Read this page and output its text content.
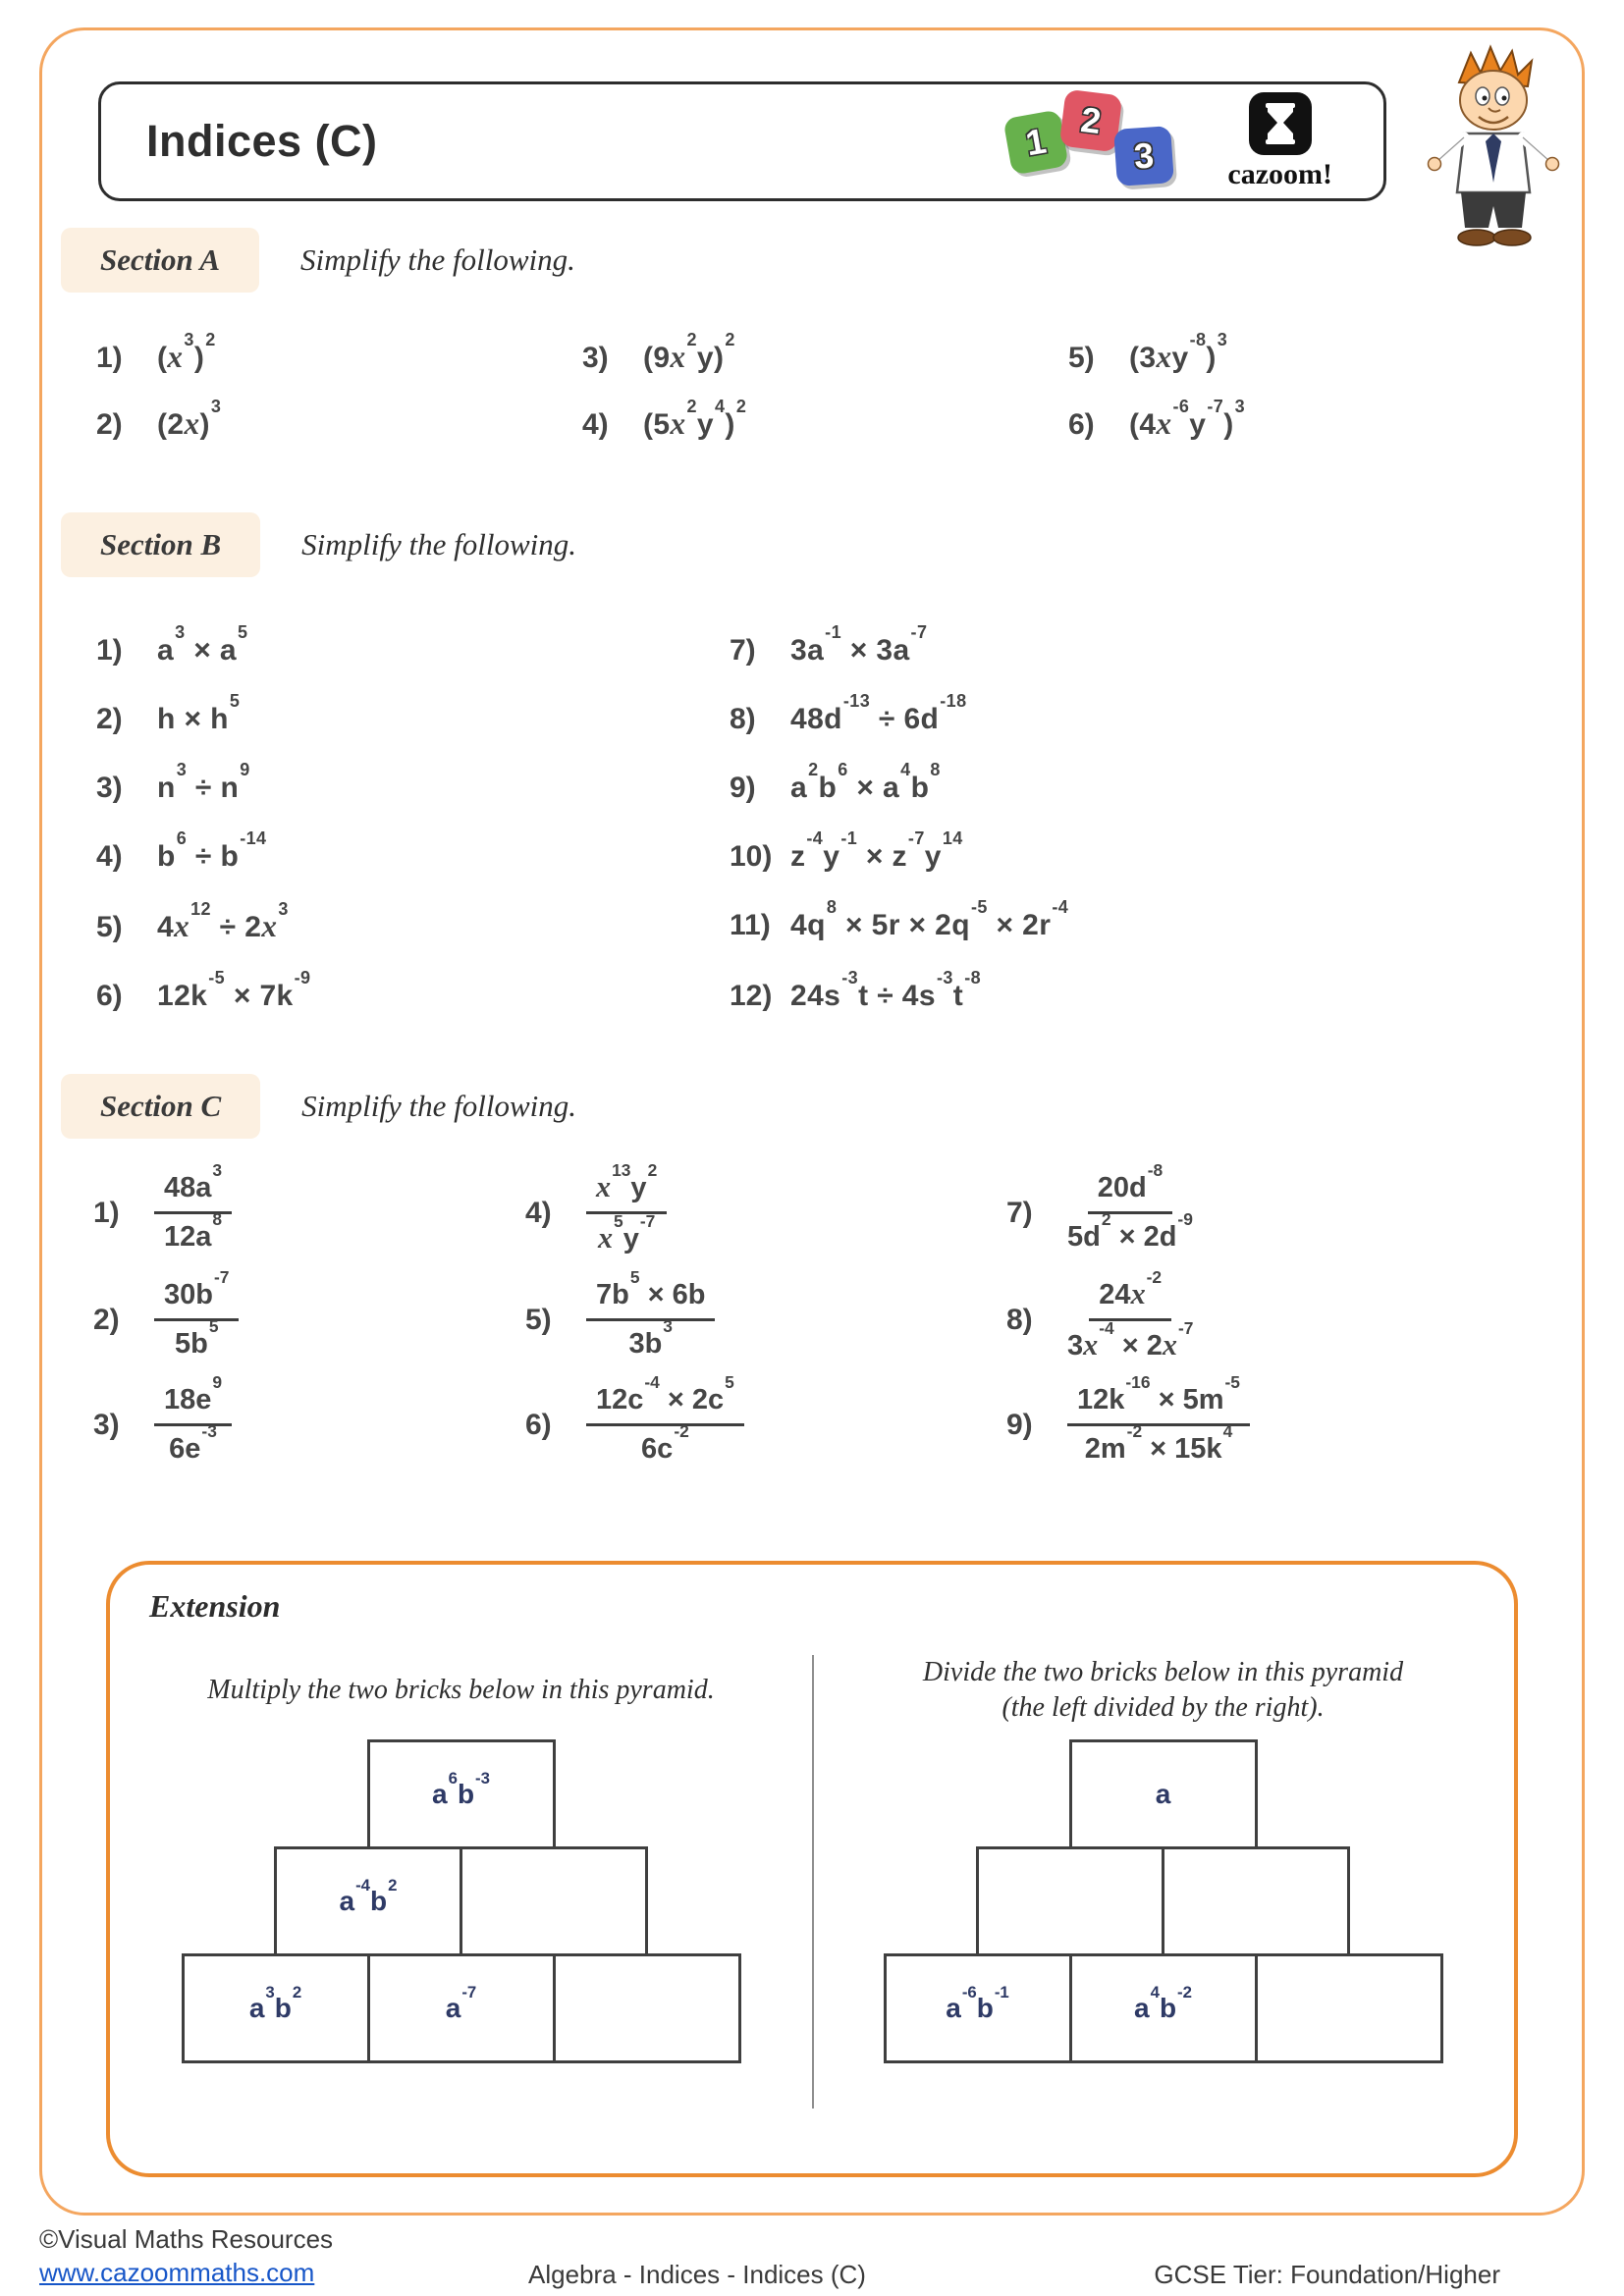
Indices (C)	1
2
3 cazoom!
Section A	Simplify the following.
1)	$(x^3)^2$
2)	$(2x)^3$
3)	$(9x^2y)^2$
4)	$(5x^2y^4)^2$
5)	$(3xy^{-8})^3$
6)	$(4x^{-6}y^{-7})^3$
Section B	Simplify the following.
1)	$a^3 \times a^5$
2)	$h \times h^5$
3)	$n^3 \div n^9$
4)	$b^6 \div b^{-14}$
5)	$4x^{12} \div 2x^3$
6)	$12k^{-5} \times 7k^{-9}$
7)	$3a^{-1} \times 3a^{-7}$
8)	$48d^{-13} \div 6d^{-18}$
9)	$a^2b^6 \times a^4b^8$
10) $z^{-4}y^{-1} \times z^{-7}y^{14}$
11) $4q^8 \times 5r \times 2q^{-5} \times 2r^{-4}$
12) $24s^{-3}t \div 4s^{-3}t^{-8}$
Section C	Simplify the following.
1)	$\frac{48a^3}{12a^8}$
2)	$\frac{30b^{-7}}{5b^5}$
3)	$\frac{18e^9}{6e^{-3}}$
4)	$\frac{x^{13}y^2}{x^5y^{-7}}$
5)	$\frac{7b^5 \times 6b}{3b^3}$
6)	$\frac{12c^{-4} \times 2c^5}{6c^{-2}}$
7)	$\frac{20d^{-8}}{5d^2 \times 2d^{-9}}$
8)	$\frac{24x^{-2}}{3x^{-4} \times 2x^{-7}}$
9)	$\frac{12k^{-16} \times 5m^{-5}}{2m^{-2} \times 15k^4}$
Extension
Multiply the two bricks below in this pyramid.
Divide the two bricks below in this pyramid
(the left divided by the right).
$a^6b^{-3}$
$a^{-4}b^2$
$a^3b^2$
$a^{-7}$
a
$a^{-6}b^{-1}$
$a^4b^{-2}$
©Visual Maths Resources
www.cazoommaths.com	Algebra - Indices - Indices (C)	GCSE Tier: Foundation/Higher
